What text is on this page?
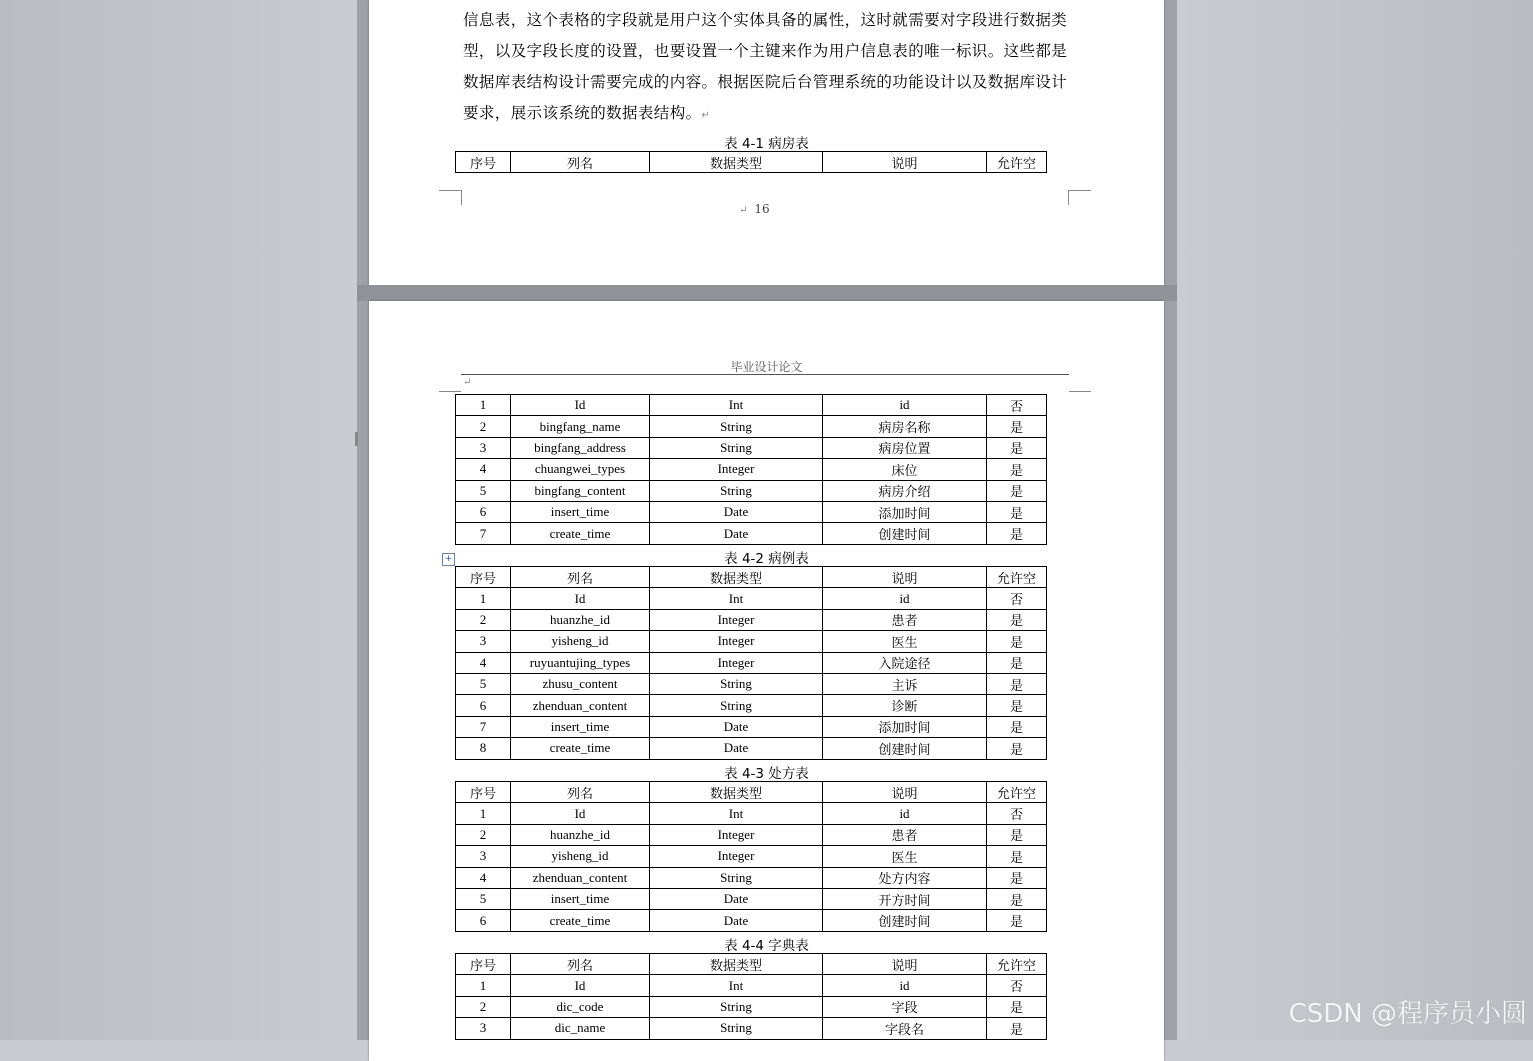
信息表，这个表格的字段就是用户这个实体具备的属性，这时就需要对字段进行数据类型，以及字段长度的设置，也要设置一个主键来作为用户信息表的唯一标识。这些都是数据库表结构设计需要完成的内容。根据医院后台管理系统的功能设计以及数据库设计要求，展示该系统的数据表结构。↵
表 4-1 病房表
序号	列名	数据类型	说明	允许空
↵  16
毕业设计论文
↵
1	Id	Int	id	否
2	bingfang_name	String	病房名称	是
3	bingfang_address	String	病房位置	是
4	chuangwei_types	Integer	床位	是
5	bingfang_content	String	病房介绍	是
6	insert_time	Date	添加时间	是
7	create_time	Date	创建时间	是
+	表 4-2 病例表
序号	列名	数据类型	说明	允许空
1	Id	Int	id	否
2	huanzhe_id	Integer	患者	是
3	yisheng_id	Integer	医生	是
4	ruyuantujing_types	Integer	入院途径	是
5	zhusu_content	String	主诉	是
6	zhenduan_content	String	诊断	是
7	insert_time	Date	添加时间	是
8	create_time	Date	创建时间	是
表 4-3 处方表
序号	列名	数据类型	说明	允许空
1	Id	Int	id	否
2	huanzhe_id	Integer	患者	是
3	yisheng_id	Integer	医生	是
4	zhenduan_content	String	处方内容	是
5	insert_time	Date	开方时间	是
6	create_time	Date	创建时间	是
表 4-4 字典表
序号	列名	数据类型	说明	允许空
1	Id	Int	id	否
2	dic_code	String	字段	是
3	dic_name	String	字段名	是
CSDN @程序员小圆
